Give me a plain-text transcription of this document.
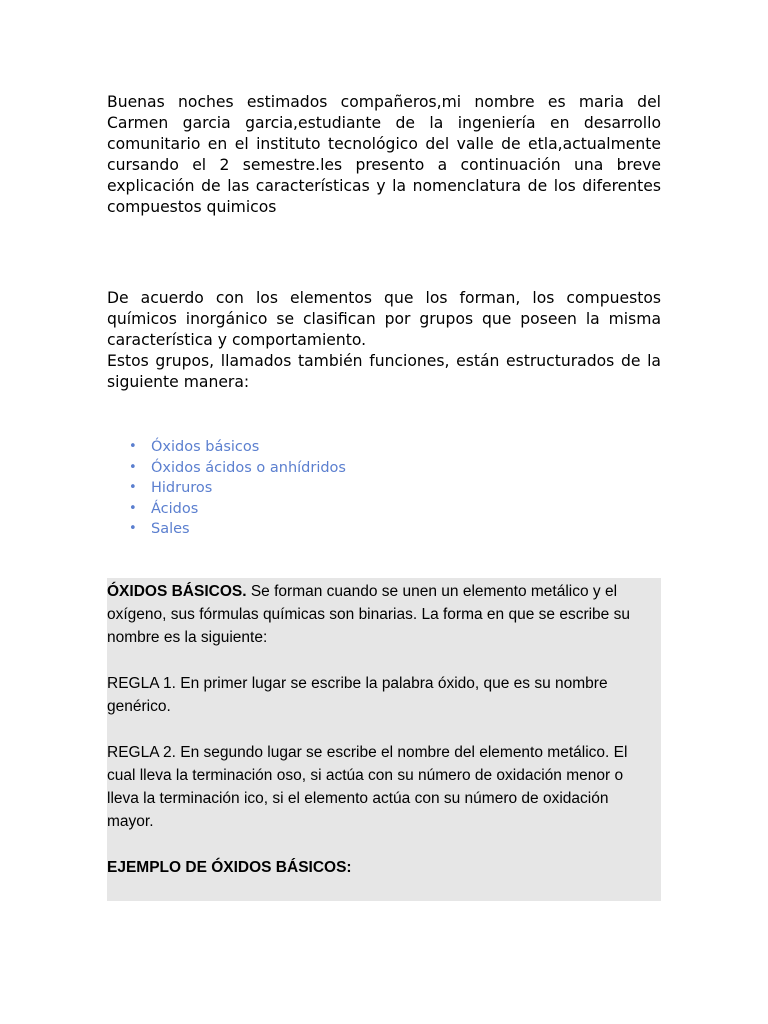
Buenas noches estimados compañeros,mi nombre es maria del Carmen garcia garcia,estudiante de la ingeniería en desarrollo comunitario en el instituto tecnológico del valle de etla,actualmente cursando el 2 semestre.les presento a continuación una breve explicación de las características y la nomenclatura de los diferentes compuestos quimicos

De acuerdo con los elementos que los forman, los compuestos químicos inorgánico se clasifican por grupos que poseen la misma característica y comportamiento.
Estos grupos, llamados también funciones, están estructurados de la siguiente manera:

• Óxidos básicos
• Óxidos ácidos o anhídridos
• Hidruros
• Ácidos
• Sales

ÓXIDOS BÁSICOS. Se forman cuando se unen un elemento metálico y el oxígeno, sus fórmulas químicas son binarias. La forma en que se escribe su nombre es la siguiente:

REGLA 1. En primer lugar se escribe la palabra óxido, que es su nombre genérico.

REGLA 2. En segundo lugar se escribe el nombre del elemento metálico. El cual lleva la terminación oso, si actúa con su número de oxidación menor o lleva la terminación ico, si el elemento actúa con su número de oxidación mayor.

EJEMPLO DE ÓXIDOS BÁSICOS:
